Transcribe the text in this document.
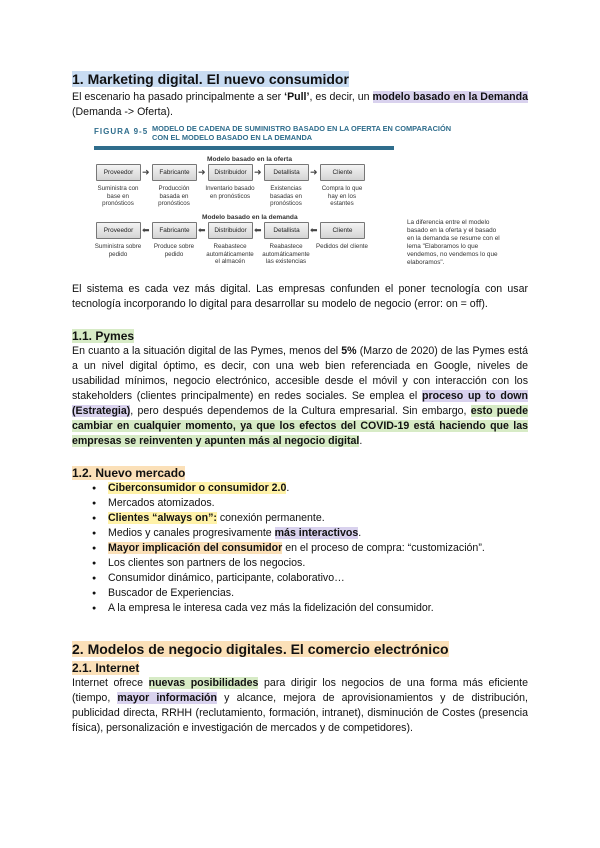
1. Marketing digital. El nuevo consumidor

El escenario ha pasado principalmente a ser ‘Pull’, es decir, un modelo basado en la Demanda (Demanda -> Oferta).

FIGURA 9-5 MODELO DE CADENA DE SUMINISTRO BASADO EN LA OFERTA EN COMPARACIÓN CON EL MODELO BASADO EN LA DEMANDA
Modelo basado en la oferta
Proveedor ➜	Fabricante ➜	Distribuidor ➜	Detallista	➜	Cliente
Suministra con base en pronósticos
Producción basada en pronósticos
Inventario basado en pronósticos
Existencias basadas en pronósticos
Compra lo que hay en los estantes
Modelo basado en la demanda
Proveedor ⬅	Fabricante ⬅	Distribuidor ⬅	Detallista	⬅	Cliente
Suministra sobre pedido
Produce sobre pedido
Reabastece automáticamente el almacén
Reabastece automáticamente las existencias
Pedidos del cliente
La diferencia entre el modelo basado en la oferta y el basado en la demanda se resume con el lema "Elaboramos lo que vendemos, no vendemos lo que elaboramos".

El sistema es cada vez más digital. Las empresas confunden el poner tecnología con usar tecnología incorporando lo digital para desarrollar su modelo de negocio (error: on = off).

1.1. Pymes

En cuanto a la situación digital de las Pymes, menos del 5% (Marzo de 2020) de las Pymes está a un nivel digital óptimo, es decir, con una web bien referenciada en Google, niveles de usabilidad mínimos, negocio electrónico, accesible desde el móvil y con interacción con los stakeholders (clientes principalmente) en redes sociales. Se emplea el proceso up to down (Estrategia), pero después dependemos de la Cultura empresarial. Sin embargo, esto puede cambiar en cualquier momento, ya que los efectos del COVID-19 está haciendo que las empresas se reinventen y apunten más al negocio digital.

1.2. Nuevo mercado
● Ciberconsumidor o consumidor 2.0.
● Mercados atomizados.
● Clientes “always on”: conexión permanente.
● Medios y canales progresivamente más interactivos.
● Mayor implicación del consumidor en el proceso de compra: “customización”.
● Los clientes son partners de los negocios.
● Consumidor dinámico, participante, colaborativo…
● Buscador de Experiencias.
● A la empresa le interesa cada vez más la fidelización del consumidor.
2. Modelos de negocio digitales. El comercio electrónico
2.1. Internet

Internet ofrece nuevas posibilidades para dirigir los negocios de una forma más eficiente (tiempo, mayor información y alcance, mejora de aprovisionamientos y de distribución, publicidad directa, RRHH (reclutamiento, formación, intranet), disminución de Costes (presencia física), personalización e investigación de mercados y de competidores).
